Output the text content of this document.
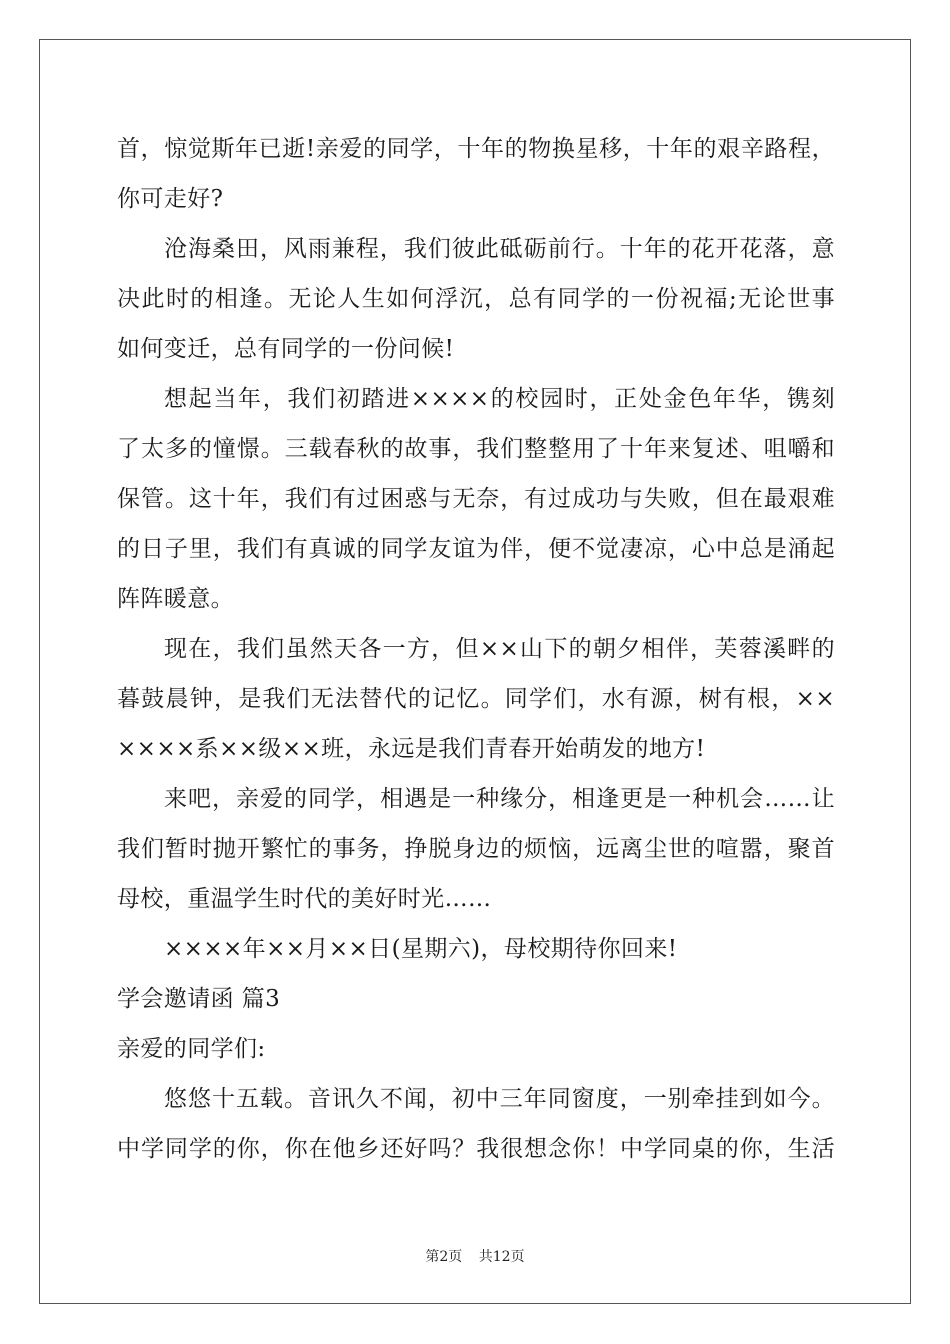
首，惊觉斯年已逝!亲爱的同学，十年的物换星移，十年的艰辛路程，
你可走好?
沧海桑田，风雨兼程，我们彼此砥砺前行。十年的花开花落，意
决此时的相逢。无论人生如何浮沉，总有同学的一份祝福;无论世事
如何变迁，总有同学的一份问候!
想起当年，我们初踏进××××的校园时，正处金色年华，镌刻
了太多的憧憬。三载春秋的故事，我们整整用了十年来复述、咀嚼和
保管。这十年，我们有过困惑与无奈，有过成功与失败，但在最艰难
的日子里，我们有真诚的同学友谊为伴，便不觉凄凉，心中总是涌起
阵阵暖意。
现在，我们虽然天各一方，但××山下的朝夕相伴，芙蓉溪畔的
暮鼓晨钟，是我们无法替代的记忆。同学们，水有源，树有根，××
××××系××级××班，永远是我们青春开始萌发的地方!
来吧，亲爱的同学，相遇是一种缘分，相逢更是一种机会……让
我们暂时抛开繁忙的事务，挣脱身边的烦恼，远离尘世的喧嚣，聚首
母校，重温学生时代的美好时光……
××××年××月××日(星期六)，母校期待你回来!
学会邀请函 篇3
亲爱的同学们:
悠悠十五载。音讯久不闻，初中三年同窗度，一别牵挂到如今。
中学同学的你，你在他乡还好吗？我很想念你！中学同桌的你，生活
第2页 共12页
